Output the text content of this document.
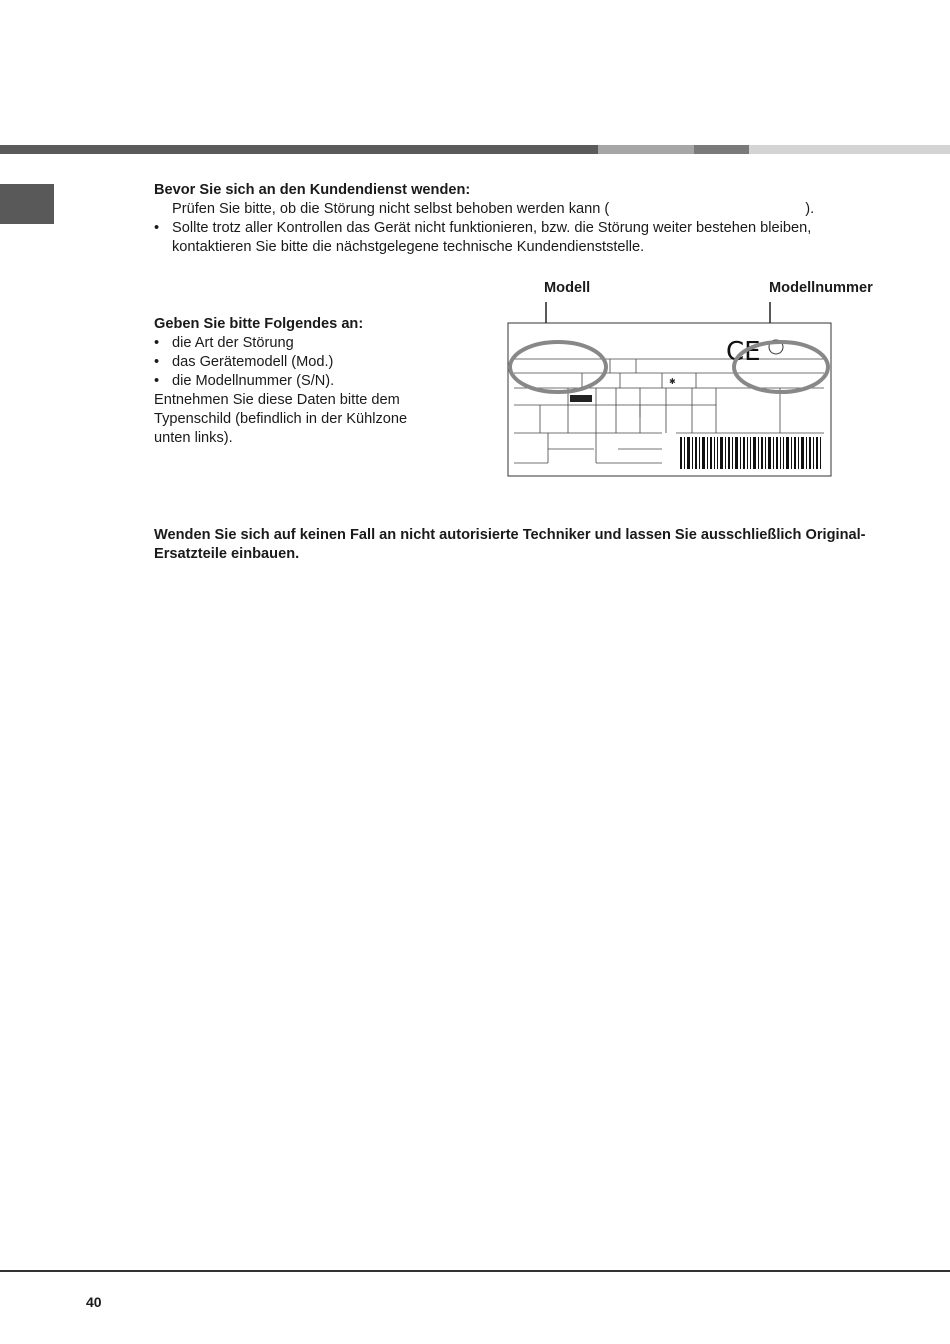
Bevor Sie sich an den Kundendienst wenden:
Prüfen Sie bitte, ob die Störung nicht selbst behoben werden kann (	).
• Sollte trotz aller Kontrollen das Gerät nicht funktionieren, bzw. die Störung weiter bestehen bleiben, kontaktieren Sie bitte die nächstgelegene technische Kundendienststelle.
Geben Sie bitte Folgendes an:
• die Art der Störung
• das Gerätemodell (Mod.)
• die Modellnummer (S/N).
Entnehmen Sie diese Daten bitte dem Typenschild (befindlich in der Kühlzone unten links).
Modell	Modellnummer
✱
CE
Wenden Sie sich auf keinen Fall an nicht autorisierte Techniker und lassen Sie ausschließlich Original-Ersatzteile einbauen.
40
